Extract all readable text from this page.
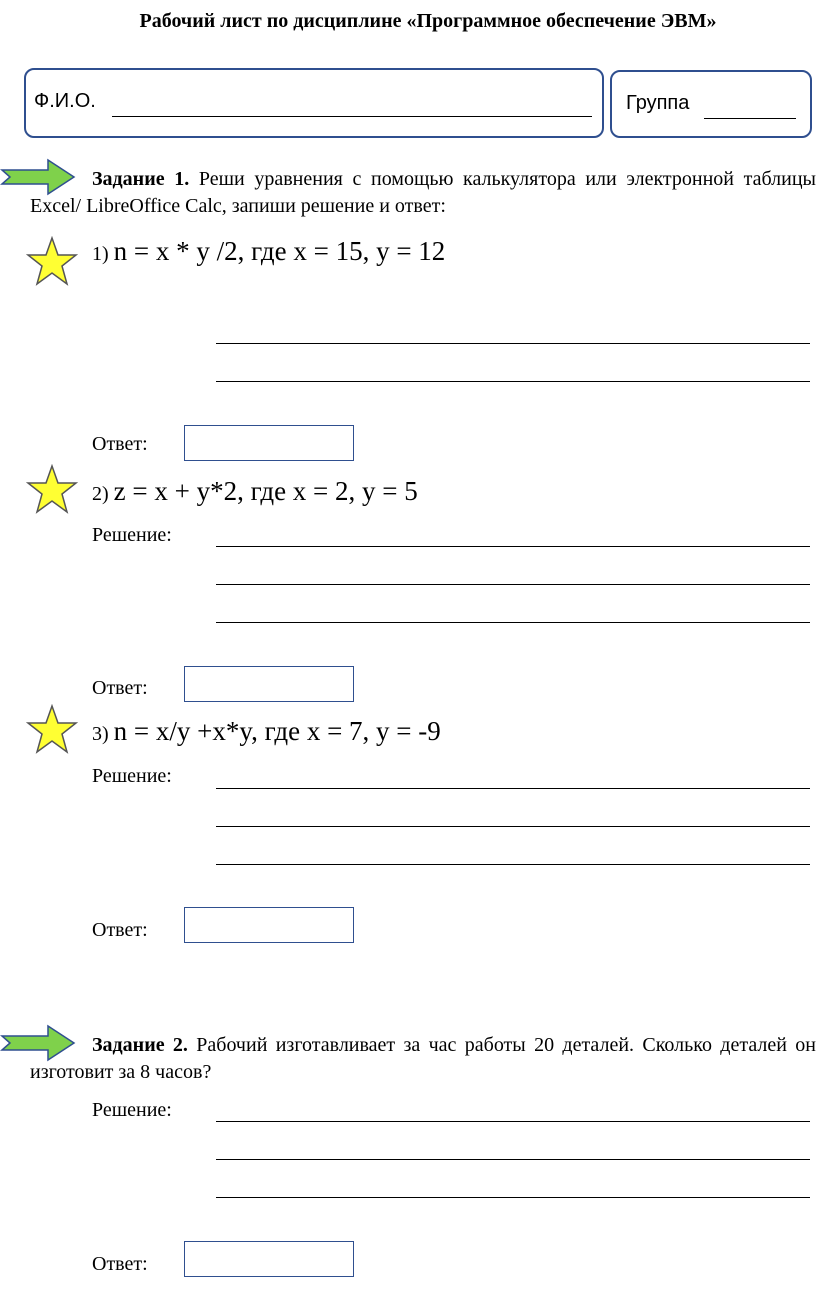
Рабочий лист по дисциплине «Программное обеспечение ЭВМ»
Ф.И.О.	Группа
Задание 1. Реши уравнения с помощью калькулятора или электронной таблицы Excel/ LibreOffice Calc, запиши решение и ответ:
1) n = x * y /2, где x = 15, y = 12
Ответ:
2) z = x + y*2, где x = 2, y = 5
Решение:
Ответ:
3) n = x/y +x*y, где x = 7, y = -9
Решение:
Ответ:
Задание 2. Рабочий изготавливает за час работы 20 деталей. Сколько деталей он изготовит за 8 часов?
Решение:
Ответ:
